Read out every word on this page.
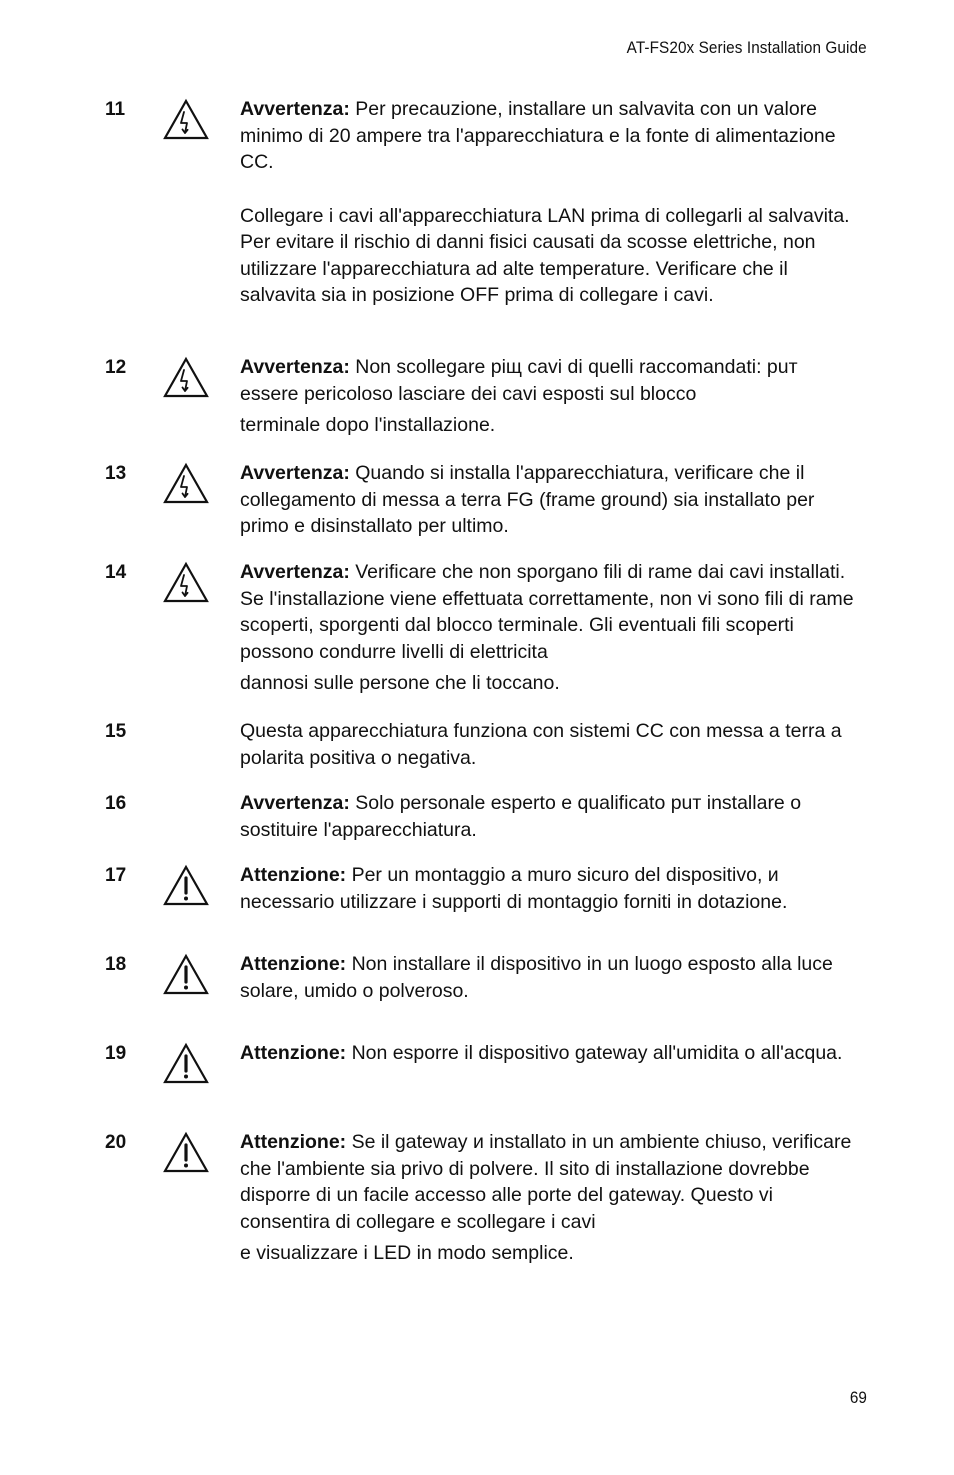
AT-FS20x Series Installation Guide
11	Avvertenza: Per precauzione, installare un salvavita con un valore minimo di 20 ampere tra l'apparecchiatura e la fonte di alimentazione CC.

Collegare i cavi all'apparecchiatura LAN prima di collegarli al salvavita. Per evitare il rischio di danni fisici causati da scosse elettriche, non utilizzare l'apparecchiatura ad alte temperature. Verificare che il salvavita sia in posizione OFF prima di collegare i cavi.

12	Avvertenza: Non scollegare piщ cavi di quelli raccomandati: puт essere pericoloso lasciare dei cavi esposti sul blocco
terminale dopo l'installazione.

13	Avvertenza: Quando si installa l'apparecchiatura, verificare che il collegamento di messa a terra FG (frame ground) sia installato per primo e disinstallato per ultimo.

14	Avvertenza: Verificare che non sporgano fili di rame dai cavi installati. Se l'installazione viene effettuata correttamente, non vi sono fili di rame scoperti, sporgenti dal blocco terminale. Gli eventuali fili scoperti possono condurre livelli di elettricita
dannosi sulle persone che li toccano.

15	Questa apparecchiatura funziona con sistemi CC con messa a terra a polarita positiva o negativa.

16	Avvertenza: Solo personale esperto e qualificato puт installare o sostituire l'apparecchiatura.

17	Attenzione: Per un montaggio a muro sicuro del dispositivo, и necessario utilizzare i supporti di montaggio forniti in dotazione.

18	Attenzione: Non installare il dispositivo in un luogo esposto alla luce solare, umido o polveroso.

19	Attenzione: Non esporre il dispositivo gateway all'umidita o all'acqua.

20	Attenzione: Se il gateway и installato in un ambiente chiuso, verificare che l'ambiente sia privo di polvere. Il sito di installazione dovrebbe disporre di un facile accesso alle porte del gateway. Questo vi consentira di collegare e scollegare i cavi
e visualizzare i LED in modo semplice.

69
